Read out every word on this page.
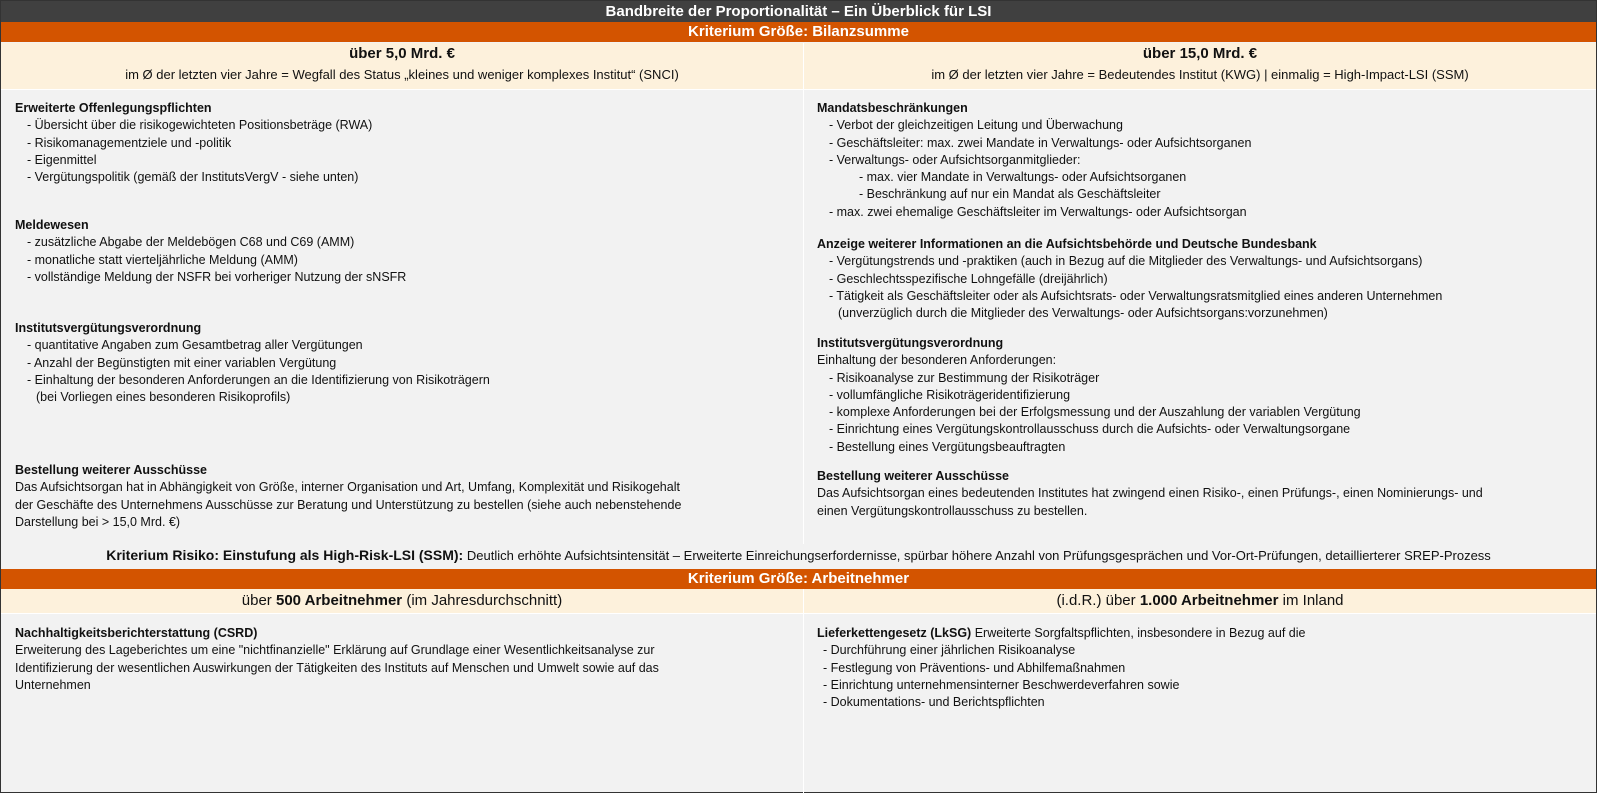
Bandbreite der Proportionalität – Ein Überblick für LSI
Kriterium Größe: Bilanzsumme
über 5,0 Mrd. €
im Ø der letzten vier Jahre = Wegfall des Status „kleines und weniger komplexes Institut“ (SNCI)
über 15,0 Mrd. €
im Ø der letzten vier Jahre = Bedeutendes Institut (KWG) | einmalig = High-Impact-LSI (SSM)
Erweiterte Offenlegungspflichten
- Übersicht über die risikogewichteten Positionsbeträge (RWA)
- Risikomanagementziele und -politik
- Eigenmittel
- Vergütungspolitik (gemäß der InstitutsVergV - siehe unten)
Meldewesen
- zusätzliche Abgabe der Meldebögen C68 und C69 (AMM)
- monatliche statt vierteljährliche Meldung (AMM)
- vollständige Meldung der NSFR bei vorheriger Nutzung der sNSFR
Institutsvergütungsverordnung
- quantitative Angaben zum Gesamtbetrag aller Vergütungen
- Anzahl der Begünstigten mit einer variablen Vergütung
- Einhaltung der besonderen Anforderungen an die Identifizierung von Risikoträgern
(bei Vorliegen eines besonderen Risikoprofils)
Bestellung weiterer Ausschüsse
Das Aufsichtsorgan hat in Abhängigkeit von Größe, interner Organisation und Art, Umfang, Komplexität und Risikogehalt
der Geschäfte des Unternehmens Ausschüsse zur Beratung und Unterstützung zu bestellen (siehe auch nebenstehende
Darstellung bei > 15,0 Mrd. €)
Mandatsbeschränkungen
- Verbot der gleichzeitigen Leitung und Überwachung
- Geschäftsleiter: max. zwei Mandate in Verwaltungs- oder Aufsichtsorganen
- Verwaltungs- oder Aufsichtsorganmitglieder:
- max. vier Mandate in Verwaltungs- oder Aufsichtsorganen
- Beschränkung auf nur ein Mandat als Geschäftsleiter
- max. zwei ehemalige Geschäftsleiter im Verwaltungs- oder Aufsichtsorgan
Anzeige weiterer Informationen an die Aufsichtsbehörde und Deutsche Bundesbank
- Vergütungstrends und -praktiken (auch in Bezug auf die Mitglieder des Verwaltungs- und Aufsichtsorgans)
- Geschlechtsspezifische Lohngefälle (dreijährlich)
- Tätigkeit als Geschäftsleiter oder als Aufsichtsrats- oder Verwaltungsratsmitglied eines anderen Unternehmen
(unverzüglich durch die Mitglieder des Verwaltungs- oder Aufsichtsorgans:vorzunehmen)
Institutsvergütungsverordnung
Einhaltung der besonderen Anforderungen:
- Risikoanalyse zur Bestimmung der Risikoträger
- vollumfängliche Risikoträgeridentifizierung
- komplexe Anforderungen bei der Erfolgsmessung und der Auszahlung der variablen Vergütung
- Einrichtung eines Vergütungskontrollausschuss durch die Aufsichts- oder Verwaltungsorgane
- Bestellung eines Vergütungsbeauftragten
Bestellung weiterer Ausschüsse
Das Aufsichtsorgan eines bedeutenden Institutes hat zwingend einen Risiko-, einen Prüfungs-, einen Nominierungs- und
einen Vergütungskontrollausschuss zu bestellen.
Kriterium Risiko: Einstufung als High-Risk-LSI (SSM): Deutlich erhöhte Aufsichtsintensität – Erweiterte Einreichungserfordernisse, spürbar höhere Anzahl von Prüfungsgesprächen und Vor-Ort-Prüfungen, detaillierterer SREP-Prozess
Kriterium Größe: Arbeitnehmer
über 500 Arbeitnehmer (im Jahresdurchschnitt)	(i.d.R.) über 1.000 Arbeitnehmer im Inland
Nachhaltigkeitsberichterstattung (CSRD)
Erweiterung des Lageberichtes um eine "nichtfinanzielle" Erklärung auf Grundlage einer Wesentlichkeitsanalyse zur
Identifizierung der wesentlichen Auswirkungen der Tätigkeiten des Instituts auf Menschen und Umwelt sowie auf das
Unternehmen
Lieferkettengesetz (LkSG) Erweiterte Sorgfaltspflichten, insbesondere in Bezug auf die
- Durchführung einer jährlichen Risikoanalyse
- Festlegung von Präventions- und Abhilfemaßnahmen
- Einrichtung unternehmensinterner Beschwerdeverfahren sowie
- Dokumentations- und Berichtspflichten
